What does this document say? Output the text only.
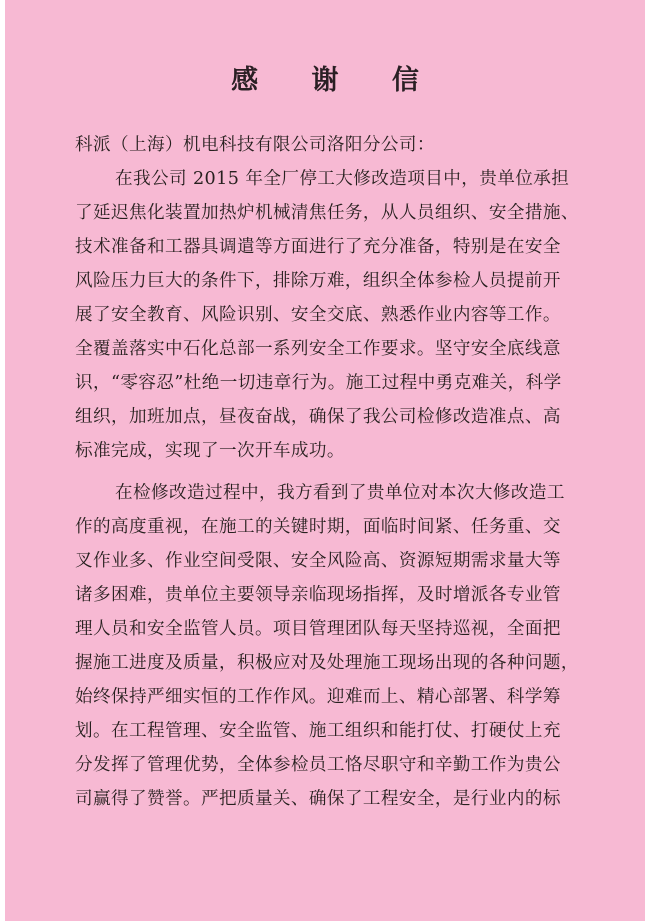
感 谢 信
科派（上海）机电科技有限公司洛阳分公司：
在我公司 2015 年全厂停工大修改造项目中，贵单位承担
了延迟焦化装置加热炉机械清焦任务，从人员组织、安全措施、
技术准备和工器具调遣等方面进行了充分准备，特别是在安全
风险压力巨大的条件下，排除万难，组织全体参检人员提前开
展了安全教育、风险识别、安全交底、熟悉作业内容等工作。
全覆盖落实中石化总部一系列安全工作要求。坚守安全底线意
识，“零容忍”杜绝一切违章行为。施工过程中勇克难关，科学
组织，加班加点，昼夜奋战，确保了我公司检修改造准点、高
标准完成，实现了一次开车成功。
在检修改造过程中，我方看到了贵单位对本次大修改造工
作的高度重视，在施工的关键时期，面临时间紧、任务重、交
叉作业多、作业空间受限、安全风险高、资源短期需求量大等
诸多困难，贵单位主要领导亲临现场指挥，及时增派各专业管
理人员和安全监管人员。项目管理团队每天坚持巡视，全面把
握施工进度及质量，积极应对及处理施工现场出现的各种问题，
始终保持严细实恒的工作作风。迎难而上、精心部署、科学筹
划。在工程管理、安全监管、施工组织和能打仗、打硬仗上充
分发挥了管理优势，全体参检员工恪尽职守和辛勤工作为贵公
司赢得了赞誉。严把质量关、确保了工程安全，是行业内的标
